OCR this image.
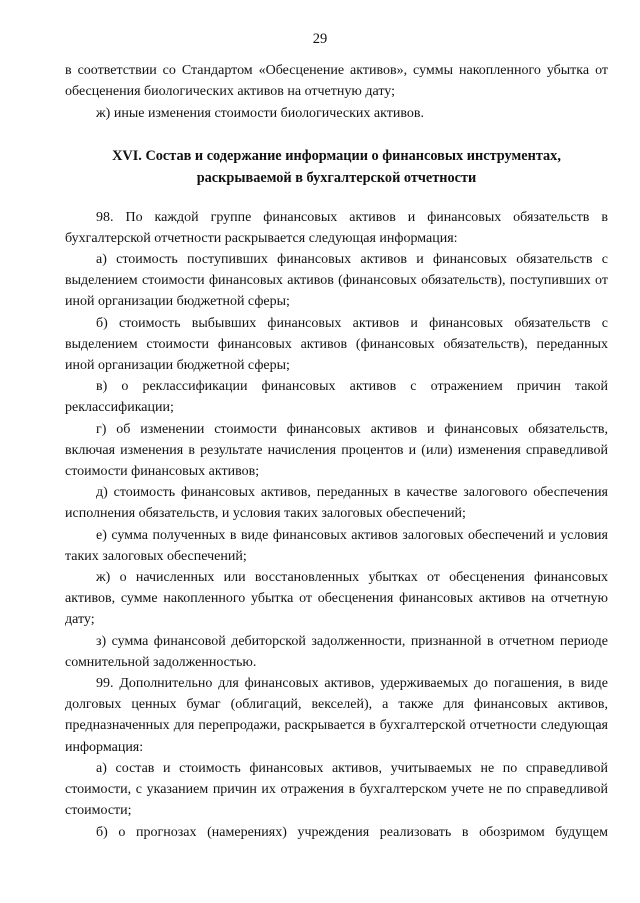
29

в соответствии со Стандартом «Обесценение активов», суммы накопленного убытка от обесценения биологических активов на отчетную дату;

ж) иные изменения стоимости биологических активов.

XVI. Состав и содержание информации о финансовых инструментах,

раскрываемой в бухгалтерской отчетности

98. По каждой группе финансовых активов и финансовых обязательств в бухгалтерской отчетности раскрывается следующая информация:

а) стоимость поступивших финансовых активов и финансовых обязательств с выделением стоимости финансовых активов (финансовых обязательств), поступивших от иной организации бюджетной сферы;

б) стоимость выбывших финансовых активов и финансовых обязательств с выделением стоимости финансовых активов (финансовых обязательств), переданных иной организации бюджетной сферы;

в) о реклассификации финансовых активов с отражением причин такой реклассификации;

г) об изменении стоимости финансовых активов и финансовых обязательств, включая изменения в результате начисления процентов и (или) изменения справедливой стоимости финансовых активов;

д) стоимость финансовых активов, переданных в качестве залогового обеспечения исполнения обязательств, и условия таких залоговых обеспечений;

е) сумма полученных в виде финансовых активов залоговых обеспечений и условия таких залоговых обеспечений;

ж) о начисленных или восстановленных убытках от обесценения финансовых активов, сумме накопленного убытка от обесценения финансовых активов на отчетную дату;

з) сумма финансовой дебиторской задолженности, признанной в отчетном периоде сомнительной задолженностью.

99. Дополнительно для финансовых активов, удерживаемых до погашения, в виде долговых ценных бумаг (облигаций, векселей), а также для финансовых активов, предназначенных для перепродажи, раскрывается в бухгалтерской отчетности следующая информация:

а) состав и стоимость финансовых активов, учитываемых не по справедливой стоимости, с указанием причин их отражения в бухгалтерском учете не по справедливой стоимости;

б) о прогнозах (намерениях) учреждения реализовать в обозримом будущем
